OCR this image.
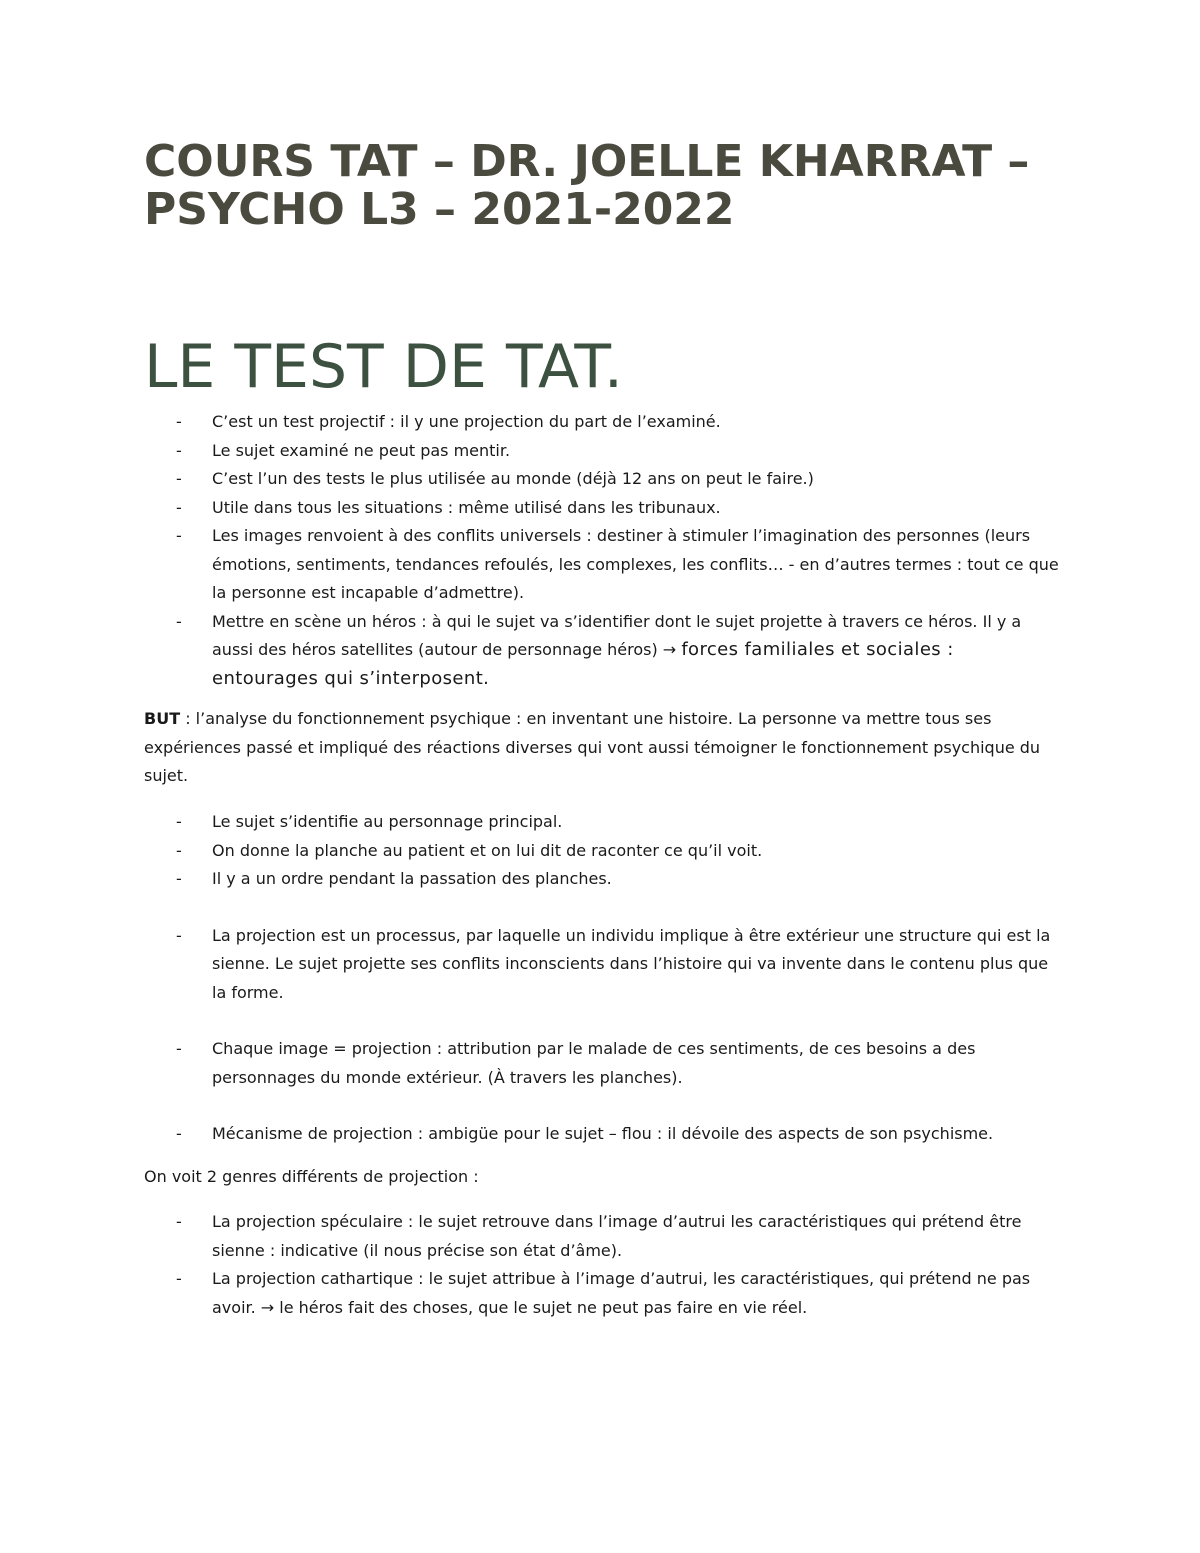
COURS TAT – DR. JOELLE KHARRAT – PSYCHO L3 – 2021-2022
LE TEST DE TAT.
- C’est un test projectif : il y une projection du part de l’examiné.
- Le sujet examiné ne peut pas mentir.
- C’est l’un des tests le plus utilisée au monde (déjà 12 ans on peut le faire.)
- Utile dans tous les situations : même utilisé dans les tribunaux.
- Les images renvoient à des conflits universels : destiner à stimuler l’imagination des personnes (leurs émotions, sentiments, tendances refoulés, les complexes, les conflits… - en d’autres termes : tout ce que la personne est incapable d’admettre).
- Mettre en scène un héros : à qui le sujet va s’identifier dont le sujet projette à travers ce héros. Il y a aussi des héros satellites (autour de personnage héros) → forces familiales et sociales : entourages qui s’interposent.

BUT : l’analyse du fonctionnement psychique : en inventant une histoire. La personne va mettre tous ses expériences passé et impliqué des réactions diverses qui vont aussi témoigner le fonctionnement psychique du sujet.

- Le sujet s’identifie au personnage principal.
- On donne la planche au patient et on lui dit de raconter ce qu’il voit.
- Il y a un ordre pendant la passation des planches.
- La projection est un processus, par laquelle un individu implique à être extérieur une structure qui est la sienne. Le sujet projette ses conflits inconscients dans l’histoire qui va invente dans le contenu plus que la forme.
- Chaque image = projection : attribution par le malade de ces sentiments, de ces besoins a des personnages du monde extérieur. (À travers les planches).
- Mécanisme de projection : ambigüe pour le sujet – flou : il dévoile des aspects de son psychisme.

On voit 2 genres différents de projection :

- La projection spéculaire : le sujet retrouve dans l’image d’autrui les caractéristiques qui prétend être sienne : indicative (il nous précise son état d’âme).
- La projection cathartique : le sujet attribue à l’image d’autrui, les caractéristiques, qui prétend ne pas avoir. → le héros fait des choses, que le sujet ne peut pas faire en vie réel.
